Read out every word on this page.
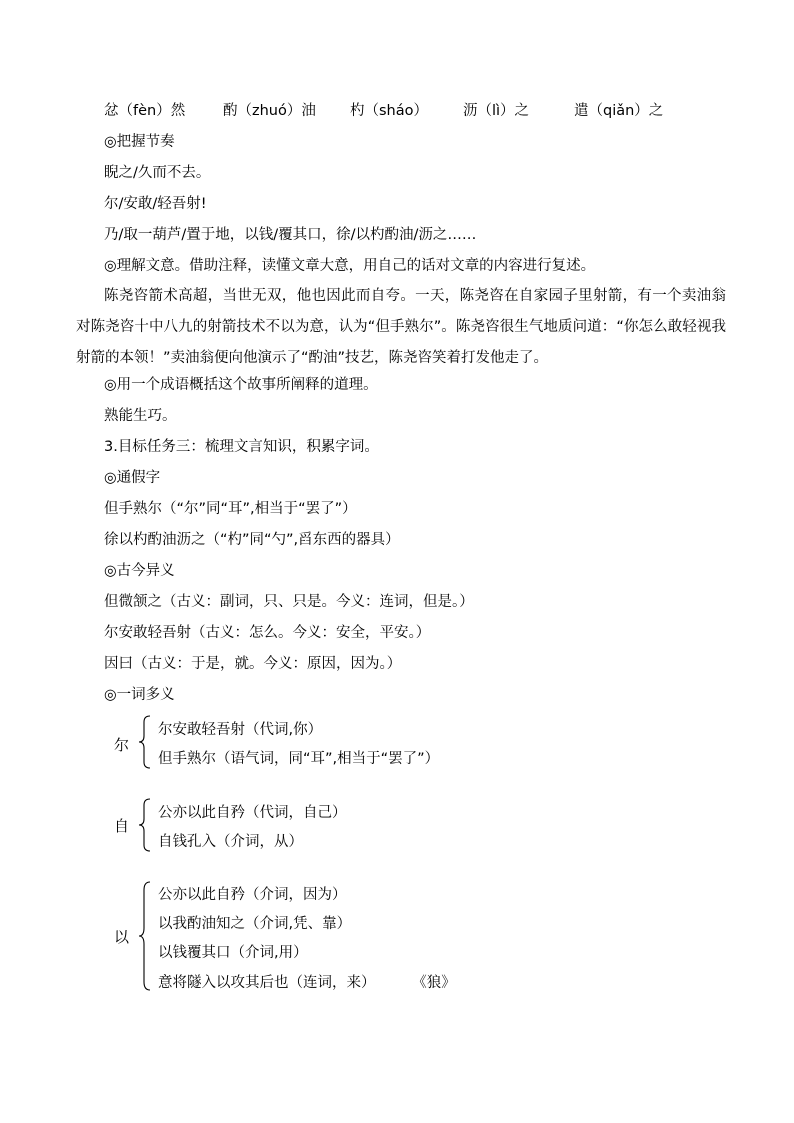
忿（fèn）然	酌（zhuó）油 杓（sháo） 沥（lì）之	遣（qiǎn）之
◎把握节奏
睨之/久而不去。
尔/安敢/轻吾射!
乃/取一葫芦/置于地，以钱/覆其口，徐/以杓酌油/沥之……
◎理解文意。借助注释，读懂文章大意，用自己的话对文章的内容进行复述。
陈尧咨箭术高超，当世无双，他也因此而自夸。一天，陈尧咨在自家园子里射箭，有一个卖油翁对陈尧咨十中八九的射箭技术不以为意，认为“但手熟尔”。陈尧咨很生气地质问道：“你怎么敢轻视我射箭的本领！”卖油翁便向他演示了“酌油”技艺，陈尧咨笑着打发他走了。
◎用一个成语概括这个故事所阐释的道理。
熟能生巧。
3.目标任务三：梳理文言知识，积累字词。
◎通假字
但手熟尔（“尔”同“耳”,相当于“罢了”）
徐以杓酌油沥之（“杓”同“勺”,舀东西的器具）
◎古今异义
但微颔之（古义：副词，只、只是。今义：连词，但是。）
尔安敢轻吾射（古义：怎么。今义：安全，平安。）
因曰（古义：于是，就。今义：原因，因为。）
◎一词多义
尔
尔安敢轻吾射（代词,你）
但手熟尔（语气词，同“耳”,相当于“罢了”）
自
公亦以此自矜（代词，自己）
自钱孔入（介词，从）
以
公亦以此自矜（介词，因为）
以我酌油知之（介词,凭、靠）
以钱覆其口（介词,用）
意将隧入以攻其后也（连词，来）	《狼》
